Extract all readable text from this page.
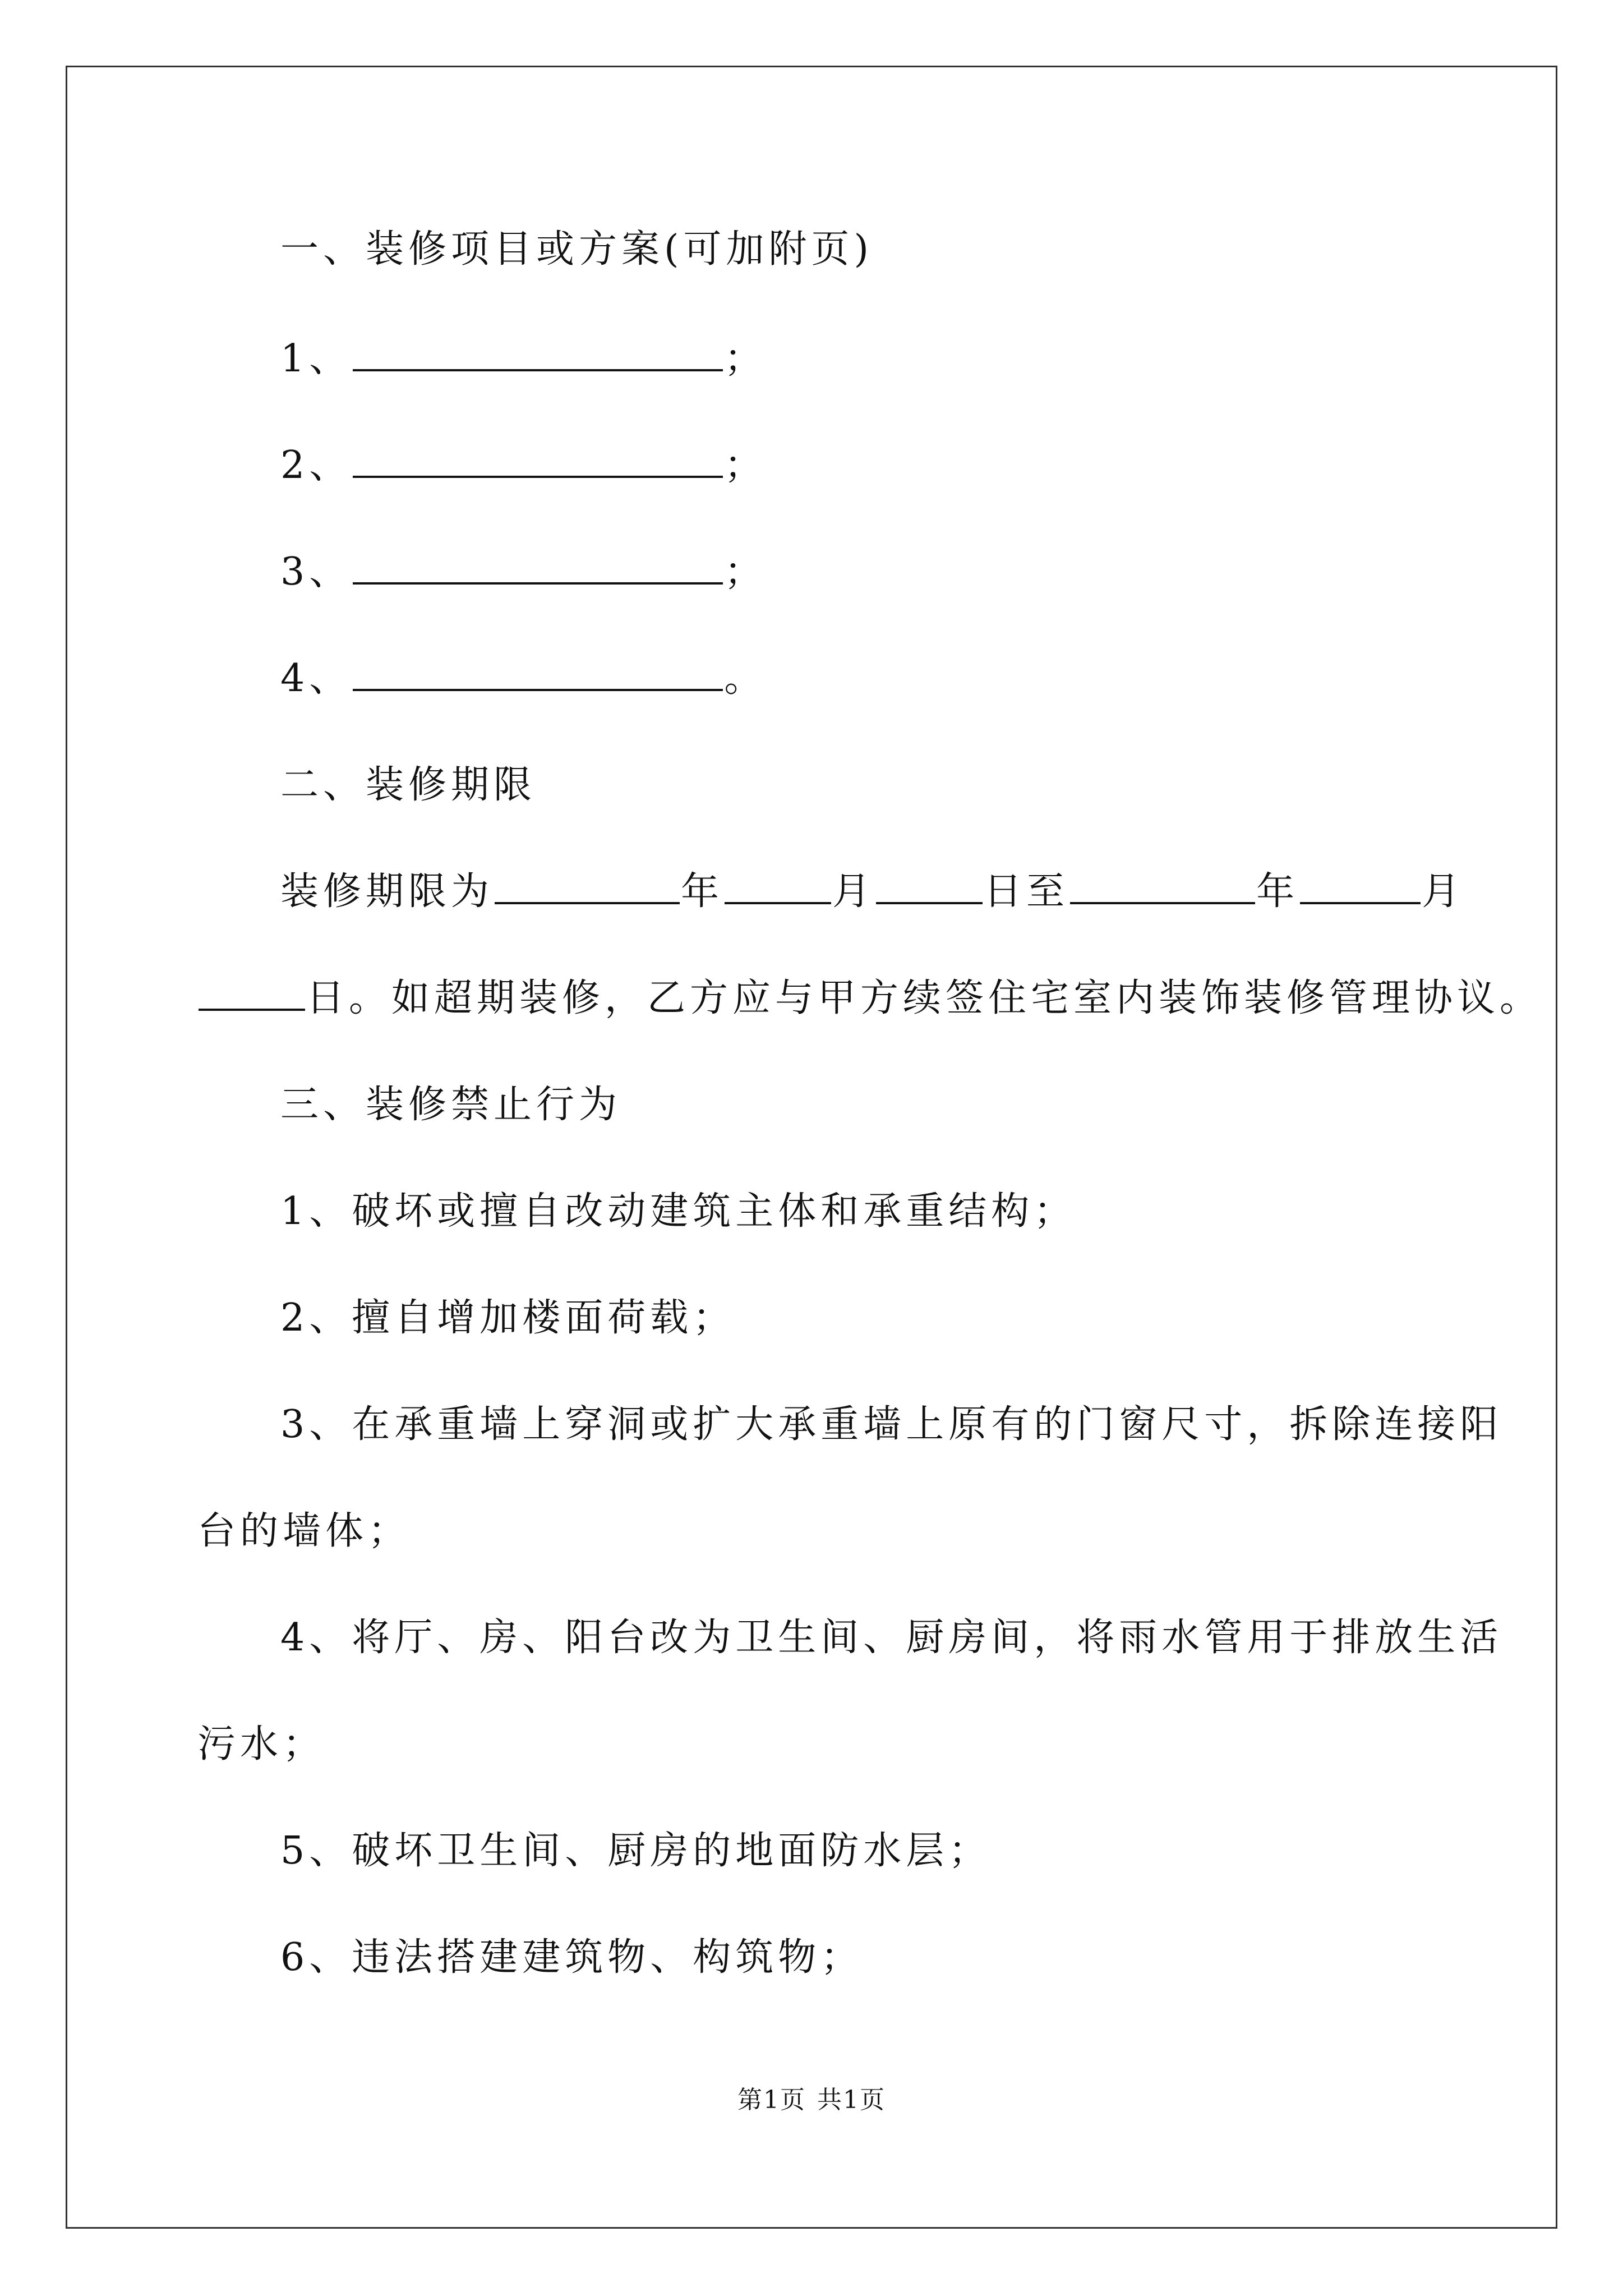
一、装修项目或方案(可加附页)
1、	；
2、	；
3、	；
4、	。
二、装修期限
装修期限为	年	月	日至	年	月
日。如超期装修，乙方应与甲方续签住宅室内装饰装修管理协议。
三、装修禁止行为
1、破坏或擅自改动建筑主体和承重结构；
2、擅自增加楼面荷载；
3、在承重墙上穿洞或扩大承重墙上原有的门窗尺寸，拆除连接阳
台的墙体；
4、将厅、房、阳台改为卫生间、厨房间，将雨水管用于排放生活
污水；
5、破坏卫生间、厨房的地面防水层；
6、违法搭建建筑物、构筑物；
第1页 共1页
